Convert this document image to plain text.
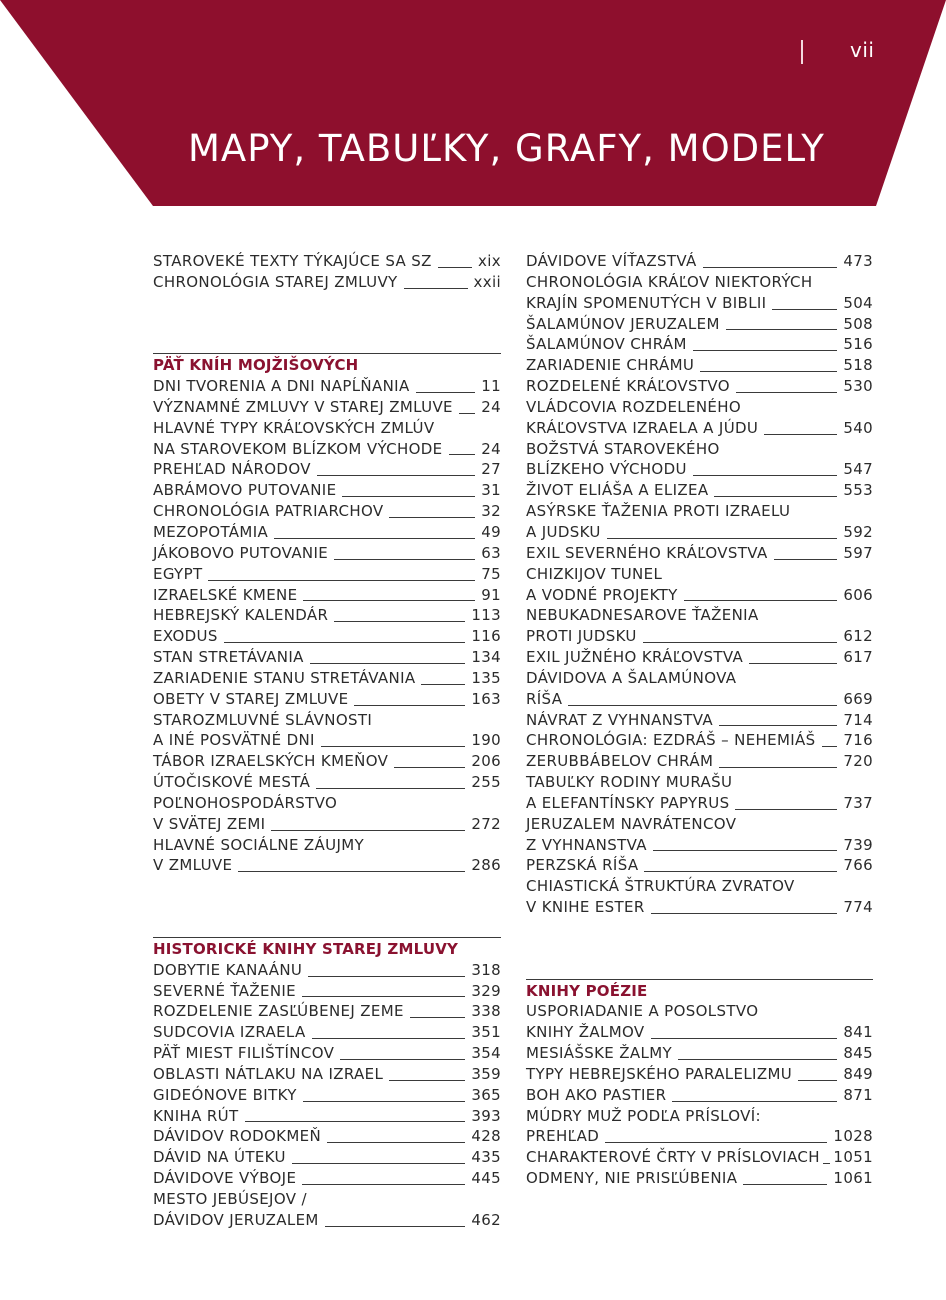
vii
MAPY, TABUĽKY, GRAFY, MODELY
STAROVEKÉ TEXTY TÝKAJÚCE SA SZ	xix
CHRONOLÓGIA STAREJ ZMLUVY	xxii
PÄŤ KNÍH MOJŽIŠOVÝCH
DNI TVORENIA A DNI NAPĹŇANIA	11
VÝZNAMNÉ ZMLUVY V STAREJ ZMLUVE 24
HLAVNÉ TYPY KRÁĽOVSKÝCH ZMLÚV
NA STAROVEKOM BLÍZKOM VÝCHODE	24
PREHĽAD NÁRODOV	27
ABRÁMOVO PUTOVANIE	31
CHRONOLÓGIA PATRIARCHOV	32
MEZOPOTÁMIA	49
JÁKOBOVO PUTOVANIE	63
EGYPT	75
IZRAELSKÉ KMENE	91
HEBREJSKÝ KALENDÁR	113
EXODUS	116
STAN STRETÁVANIA	134
ZARIADENIE STANU STRETÁVANIA	135
OBETY V STAREJ ZMLUVE	163
STAROZMLUVNÉ SLÁVNOSTI
A INÉ POSVÄTNÉ DNI	190
TÁBOR IZRAELSKÝCH KMEŇOV	206
ÚTOČISKOVÉ MESTÁ	255
POĽNOHOSPODÁRSTVO
V SVÄTEJ ZEMI	272
HLAVNÉ SOCIÁLNE ZÁUJMY
V ZMLUVE	286
HISTORICKÉ KNIHY STAREJ ZMLUVY
DOBYTIE KANAÁNU	318
SEVERNÉ ŤAŽENIE	329
ROZDELENIE ZASĽÚBENEJ ZEME	338
SUDCOVIA IZRAELA	351
PÄŤ MIEST FILIŠTÍNCOV	354
OBLASTI NÁTLAKU NA IZRAEL	359
GIDEÓNOVE BITKY	365
KNIHA RÚT	393
DÁVIDOV RODOKMEŇ	428
DÁVID NA ÚTEKU	435
DÁVIDOVE VÝBOJE	445
MESTO JEBÚSEJOV /
DÁVIDOV JERUZALEM	462
DÁVIDOVE VÍŤAZSTVÁ	473
CHRONOLÓGIA KRÁĽOV NIEKTORÝCH
KRAJÍN SPOMENUTÝCH V BIBLII	504
ŠALAMÚNOV JERUZALEM	508
ŠALAMÚNOV CHRÁM	516
ZARIADENIE CHRÁMU	518
ROZDELENÉ KRÁĽOVSTVO	530
VLÁDCOVIA ROZDELENÉHO
KRÁĽOVSTVA IZRAELA A JÚDU	540
BOŽSTVÁ STAROVEKÉHO
BLÍZKEHO VÝCHODU	547
ŽIVOT ELIÁŠA A ELIZEA	553
ASÝRSKE ŤAŽENIA PROTI IZRAELU
A JUDSKU	592
EXIL SEVERNÉHO KRÁĽOVSTVA	597
CHIZKIJOV TUNEL
A VODNÉ PROJEKTY	606
NEBUKADNESAROVE ŤAŽENIA
PROTI JUDSKU	612
EXIL JUŽNÉHO KRÁĽOVSTVA	617
DÁVIDOVA A ŠALAMÚNOVA
RÍŠA	669
NÁVRAT Z VYHNANSTVA	714
CHRONOLÓGIA: EZDRÁŠ – NEHEMIÁŠ 716
ZERUBBÁBELOV CHRÁM	720
TABUĽKY RODINY MURAŠU
A ELEFANTÍNSKY PAPYRUS	737
JERUZALEM NAVRÁTENCOV
Z VYHNANSTVA	739
PERZSKÁ RÍŠA	766
CHIASTICKÁ ŠTRUKTÚRA ZVRATOV
V KNIHE ESTER	774
KNIHY POÉZIE
USPORIADANIE A POSOLSTVO
KNIHY ŽALMOV	841
MESIÁŠSKE ŽALMY	845
TYPY HEBREJSKÉHO PARALELIZMU	849
BOH AKO PASTIER	871
MÚDRY MUŽ PODĽA PRÍSLOVÍ:
PREHĽAD	1028
CHARAKTEROVÉ ČRTY V PRÍSLOVIACH 1051
ODMENY, NIE PRISĽÚBENIA	1061
